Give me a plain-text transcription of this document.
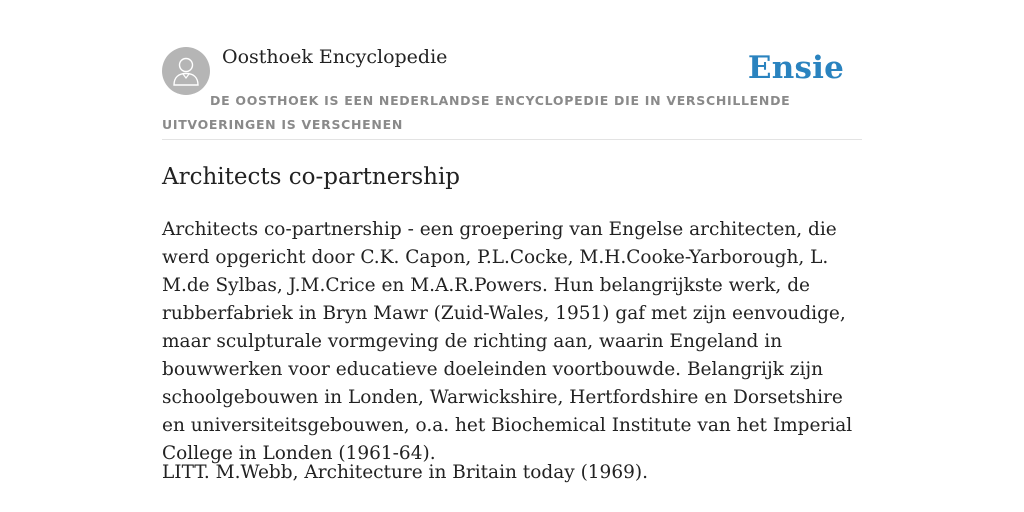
Oosthoek Encyclopedie	Ensie
DE OOSTHOEK IS EEN NEDERLANDSE ENCYCLOPEDIE DIE IN VERSCHILLENDE UITVOERINGEN IS VERSCHENEN
Architects co-partnership

Architects co-partnership - een groepering van Engelse architecten, die werd opgericht door C.K. Capon, P.L.Cocke, M.H.Cooke-Yarborough, L. M.de Sylbas, J.M.Crice en M.A.R.Powers. Hun belangrijkste werk, de rubberfabriek in Bryn Mawr (Zuid-Wales, 1951) gaf met zijn eenvoudige, maar sculpturale vormgeving de richting aan, waarin Engeland in bouwwerken voor educatieve doeleinden voortbouwde. Belangrijk zijn schoolgebouwen in Londen, Warwickshire, Hertfordshire en Dorsetshire en universiteitsgebouwen, o.a. het Biochemical Institute van het Imperial College in Londen (1961-64).

LITT. M.Webb, Architecture in Britain today (1969).
